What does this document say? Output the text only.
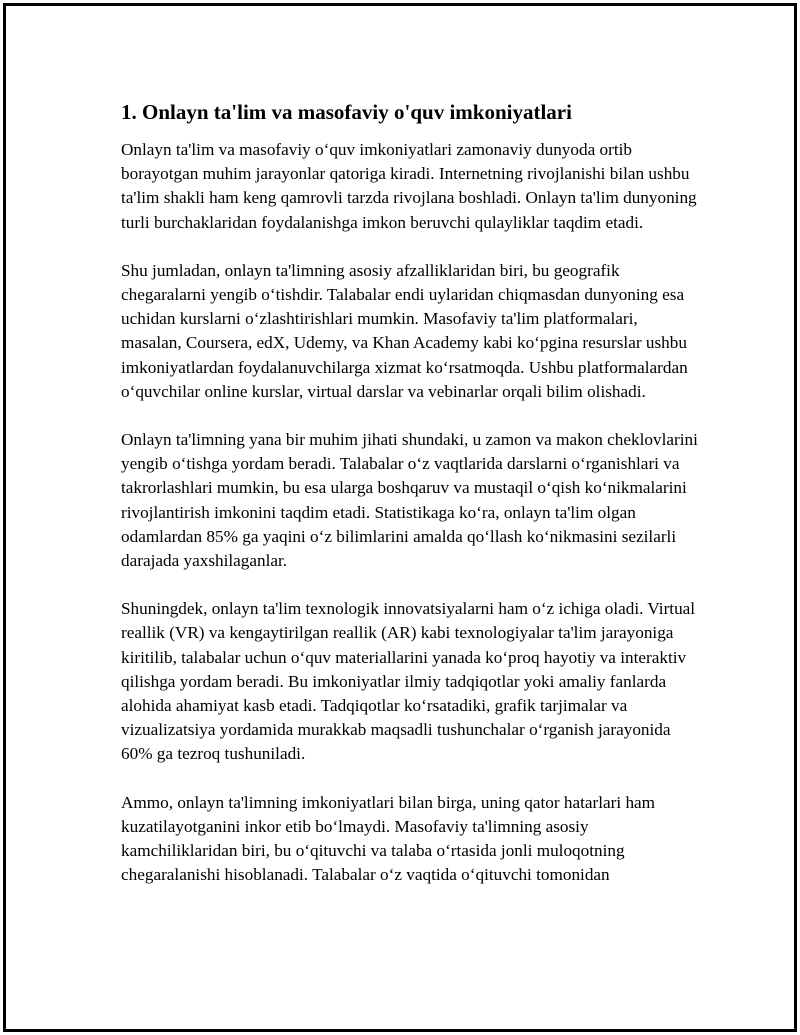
1. Onlayn ta'lim va masofaviy o'quv imkoniyatlari

Onlayn ta'lim va masofaviy o‘quv imkoniyatlari zamonaviy dunyoda ortib borayotgan muhim jarayonlar qatoriga kiradi. Internetning rivojlanishi bilan ushbu ta'lim shakli ham keng qamrovli tarzda rivojlana boshladi. Onlayn ta'lim dunyoning turli burchaklaridan foydalanishga imkon beruvchi qulayliklar taqdim etadi.

Shu jumladan, onlayn ta'limning asosiy afzalliklaridan biri, bu geografik chegaralarni yengib o‘tishdir. Talabalar endi uylaridan chiqmasdan dunyoning esa uchidan kurslarni o‘zlashtirishlari mumkin. Masofaviy ta'lim platformalari, masalan, Coursera, edX, Udemy, va Khan Academy kabi ko‘pgina resurslar ushbu imkoniyatlardan foydalanuvchilarga xizmat ko‘rsatmoqda. Ushbu platformalardan o‘quvchilar online kurslar, virtual darslar va vebinarlar orqali bilim olishadi.

Onlayn ta'limning yana bir muhim jihati shundaki, u zamon va makon cheklovlarini yengib o‘tishga yordam beradi. Talabalar o‘z vaqtlarida darslarni o‘rganishlari va takrorlashlari mumkin, bu esa ularga boshqaruv va mustaqil o‘qish ko‘nikmalarini rivojlantirish imkonini taqdim etadi. Statistikaga ko‘ra, onlayn ta'lim olgan odamlardan 85% ga yaqini o‘z bilimlarini amalda qo‘llash ko‘nikmasini sezilarli darajada yaxshilaganlar.

Shuningdek, onlayn ta'lim texnologik innovatsiyalarni ham o‘z ichiga oladi. Virtual reallik (VR) va kengaytirilgan reallik (AR) kabi texnologiyalar ta'lim jarayoniga kiritilib, talabalar uchun o‘quv materiallarini yanada ko‘proq hayotiy va interaktiv qilishga yordam beradi. Bu imkoniyatlar ilmiy tadqiqotlar yoki amaliy fanlarda alohida ahamiyat kasb etadi. Tadqiqotlar ko‘rsatadiki, grafik tarjimalar va vizualizatsiya yordamida murakkab maqsadli tushunchalar o‘rganish jarayonida 60% ga tezroq tushuniladi.

Ammo, onlayn ta'limning imkoniyatlari bilan birga, uning qator hatarlari ham kuzatilayotganini inkor etib bo‘lmaydi. Masofaviy ta'limning asosiy kamchiliklaridan biri, bu o‘qituvchi va talaba o‘rtasida jonli muloqotning chegaralanishi hisoblanadi. Talabalar o‘z vaqtida o‘qituvchi tomonidan
